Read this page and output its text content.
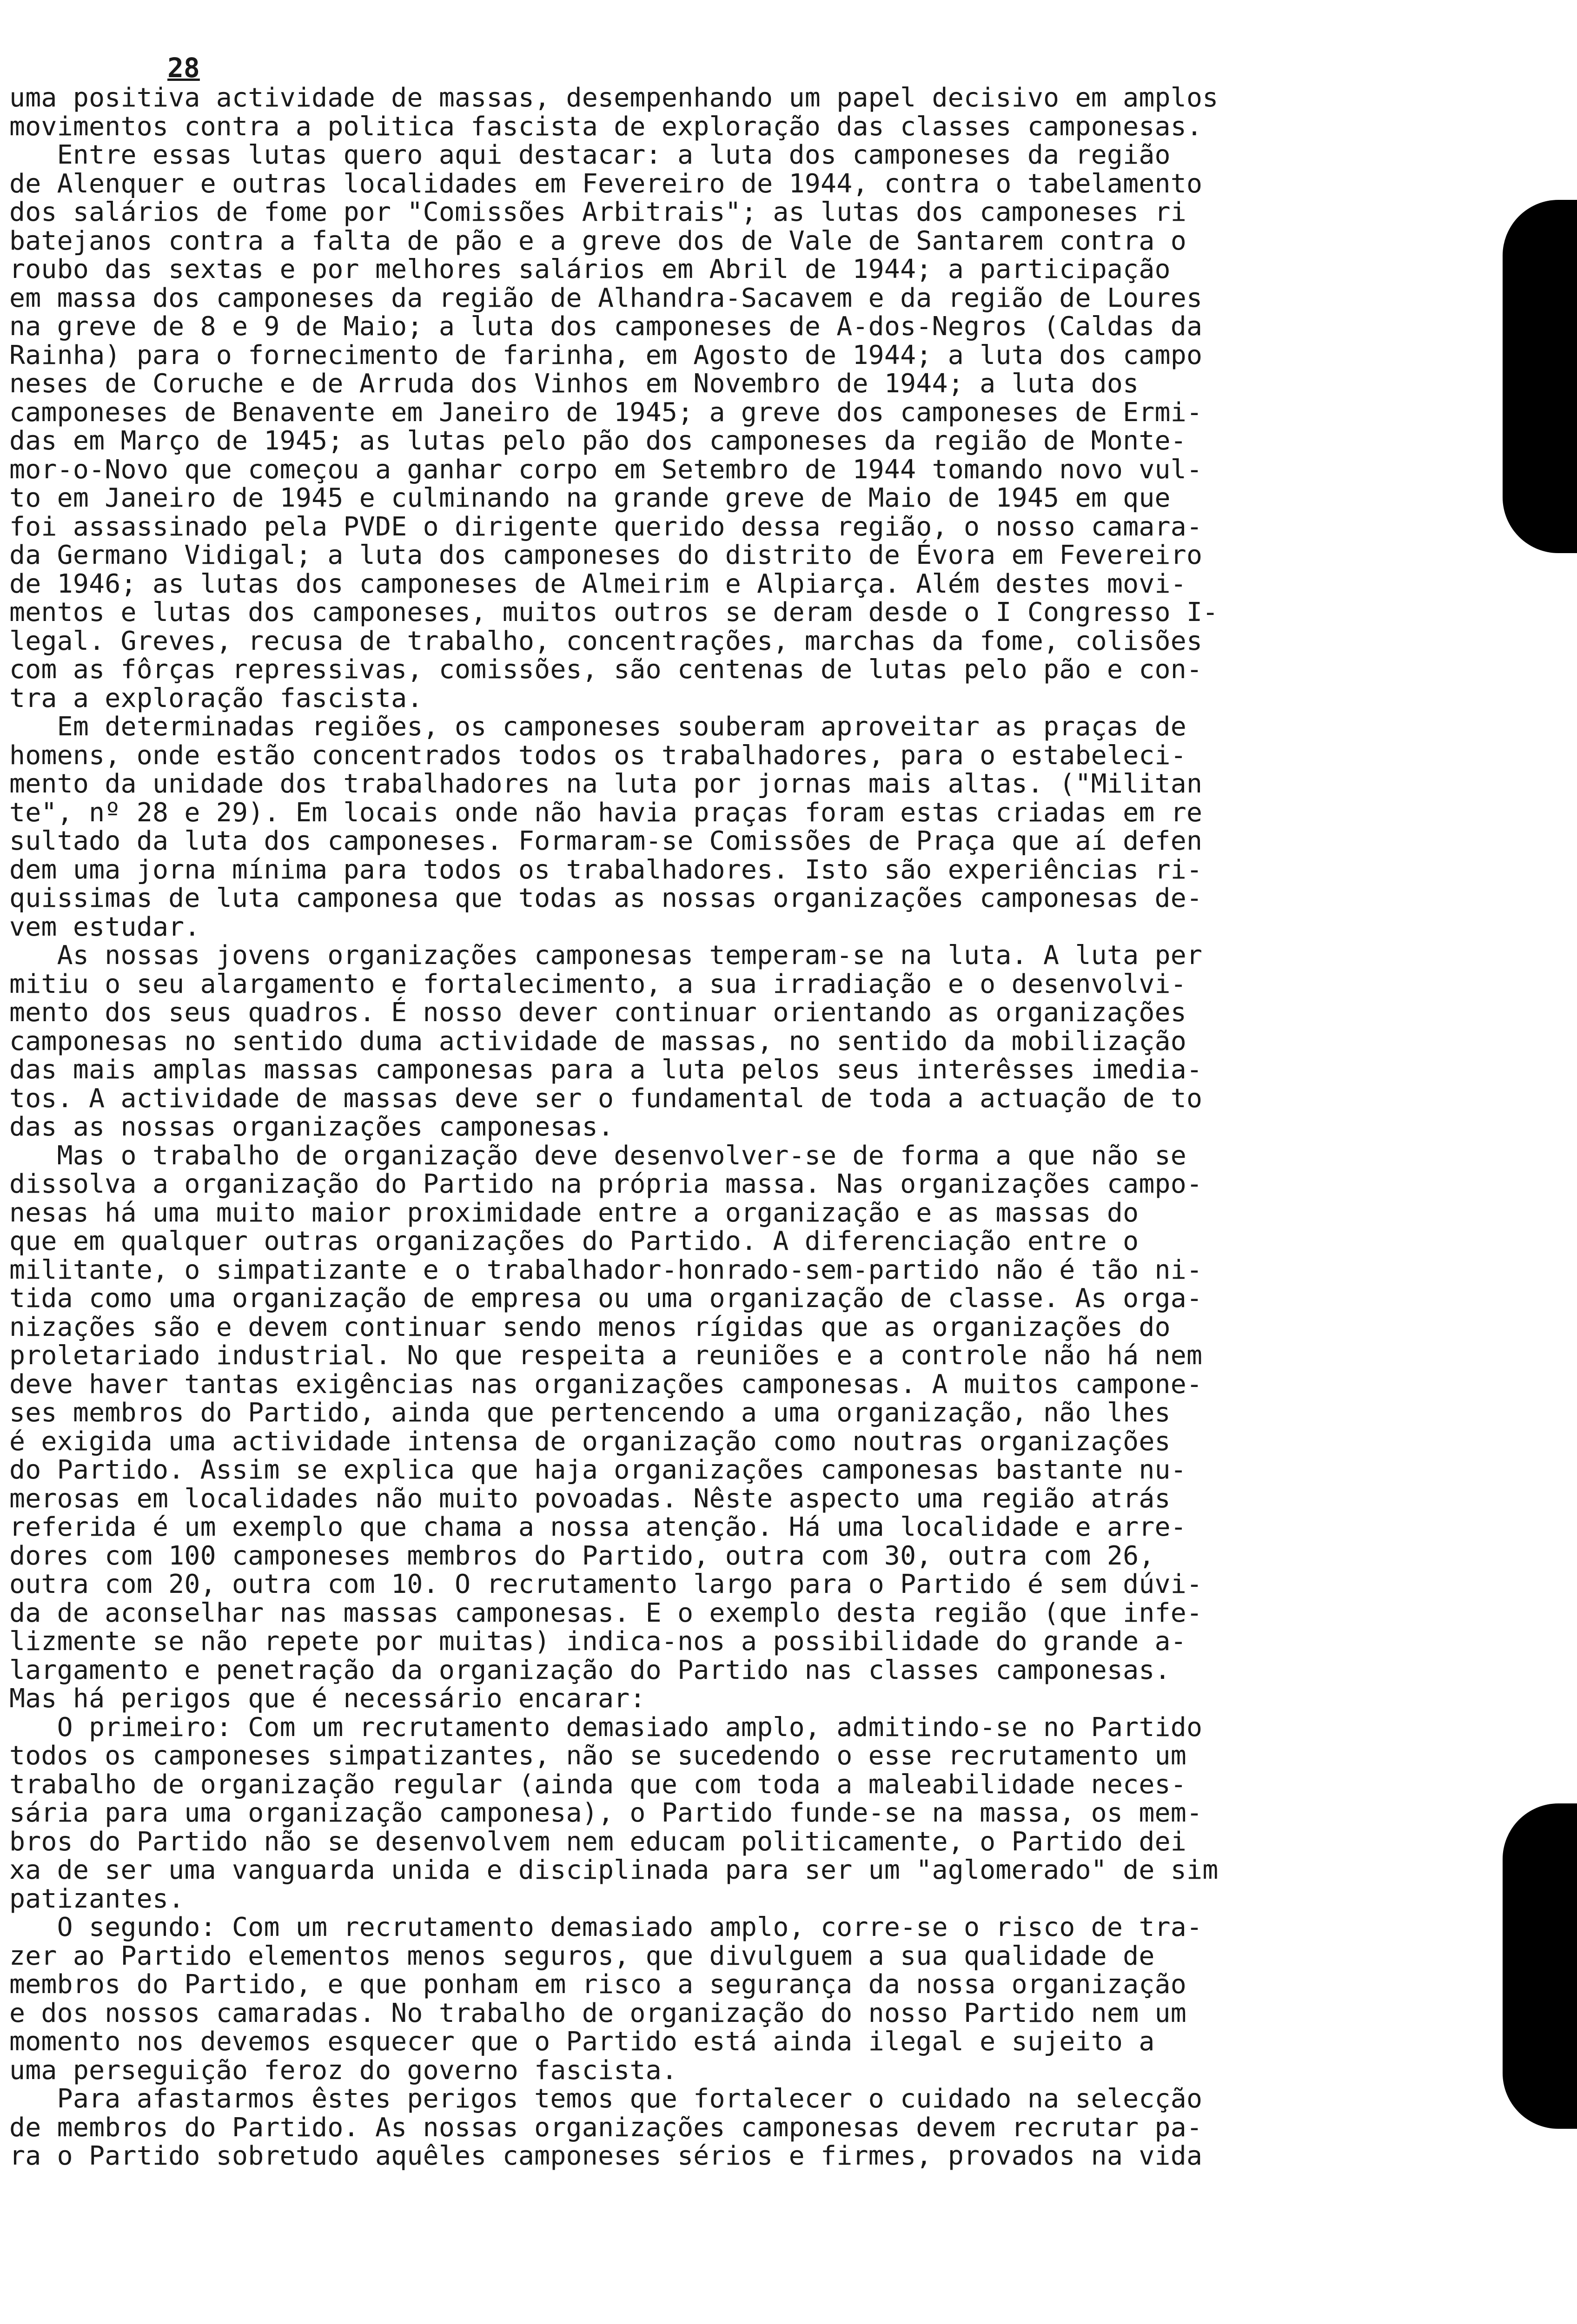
28
uma positiva actividade de massas, desempenhando um papel decisivo em amplos
movimentos contra a politica fascista de exploração das classes camponesas.
Entre essas lutas quero aqui destacar: a luta dos camponeses da região
de Alenquer e outras localidades em Fevereiro de 1944, contra o tabelamento
dos salários de fome por "Comissões Arbitrais"; as lutas dos camponeses ri
batejanos contra a falta de pão e a greve dos de Vale de Santarem contra o
roubo das sextas e por melhores salários em Abril de 1944; a participação
em massa dos camponeses da região de Alhandra-Sacavem e da região de Loures
na greve de 8 e 9 de Maio; a luta dos camponeses de A-dos-Negros (Caldas da
Rainha) para o fornecimento de farinha, em Agosto de 1944; a luta dos campo
neses de Coruche e de Arruda dos Vinhos em Novembro de 1944; a luta dos
camponeses de Benavente em Janeiro de 1945; a greve dos camponeses de Ermi-
das em Março de 1945; as lutas pelo pão dos camponeses da região de Monte-
mor-o-Novo que começou a ganhar corpo em Setembro de 1944 tomando novo vul-
to em Janeiro de 1945 e culminando na grande greve de Maio de 1945 em que
foi assassinado pela PVDE o dirigente querido dessa região, o nosso camara-
da Germano Vidigal; a luta dos camponeses do distrito de Évora em Fevereiro
de 1946; as lutas dos camponeses de Almeirim e Alpiarça. Além destes movi-
mentos e lutas dos camponeses, muitos outros se deram desde o I Congresso I-
legal. Greves, recusa de trabalho, concentrações, marchas da fome, colisões
com as fôrças repressivas, comissões, são centenas de lutas pelo pão e con-
tra a exploração fascista.
Em determinadas regiões, os camponeses souberam aproveitar as praças de
homens, onde estão concentrados todos os trabalhadores, para o estabeleci-
mento da unidade dos trabalhadores na luta por jornas mais altas. ("Militan
te", nº 28 e 29). Em locais onde não havia praças foram estas criadas em re
sultado da luta dos camponeses. Formaram-se Comissões de Praça que aí defen
dem uma jorna mínima para todos os trabalhadores. Isto são experiências ri-
quissimas de luta camponesa que todas as nossas organizações camponesas de-
vem estudar.
As nossas jovens organizações camponesas temperam-se na luta. A luta per
mitiu o seu alargamento e fortalecimento, a sua irradiação e o desenvolvi-
mento dos seus quadros. É nosso dever continuar orientando as organizações
camponesas no sentido duma actividade de massas, no sentido da mobilização
das mais amplas massas camponesas para a luta pelos seus interêsses imedia-
tos. A actividade de massas deve ser o fundamental de toda a actuação de to
das as nossas organizações camponesas.
Mas o trabalho de organização deve desenvolver-se de forma a que não se
dissolva a organização do Partido na própria massa. Nas organizações campo-
nesas há uma muito maior proximidade entre a organização e as massas do
que em qualquer outras organizações do Partido. A diferenciação entre o
militante, o simpatizante e o trabalhador-honrado-sem-partido não é tão ni-
tida como uma organização de empresa ou uma organização de classe. As orga-
nizações são e devem continuar sendo menos rígidas que as organizações do
proletariado industrial. No que respeita a reuniões e a controle não há nem
deve haver tantas exigências nas organizações camponesas. A muitos campone-
ses membros do Partido, ainda que pertencendo a uma organização, não lhes
é exigida uma actividade intensa de organização como noutras organizações
do Partido. Assim se explica que haja organizações camponesas bastante nu-
merosas em localidades não muito povoadas. Nêste aspecto uma região atrás
referida é um exemplo que chama a nossa atenção. Há uma localidade e arre-
dores com 100 camponeses membros do Partido, outra com 30, outra com 26,
outra com 20, outra com 10. O recrutamento largo para o Partido é sem dúvi-
da de aconselhar nas massas camponesas. E o exemplo desta região (que infe-
lizmente se não repete por muitas) indica-nos a possibilidade do grande a-
largamento e penetração da organização do Partido nas classes camponesas.
Mas há perigos que é necessário encarar:
O primeiro: Com um recrutamento demasiado amplo, admitindo-se no Partido
todos os camponeses simpatizantes, não se sucedendo o esse recrutamento um
trabalho de organização regular (ainda que com toda a maleabilidade neces-
sária para uma organização camponesa), o Partido funde-se na massa, os mem-
bros do Partido não se desenvolvem nem educam politicamente, o Partido dei
xa de ser uma vanguarda unida e disciplinada para ser um "aglomerado" de sim
patizantes.
O segundo: Com um recrutamento demasiado amplo, corre-se o risco de tra-
zer ao Partido elementos menos seguros, que divulguem a sua qualidade de
membros do Partido, e que ponham em risco a segurança da nossa organização
e dos nossos camaradas. No trabalho de organização do nosso Partido nem um
momento nos devemos esquecer que o Partido está ainda ilegal e sujeito a
uma perseguição feroz do governo fascista.
Para afastarmos êstes perigos temos que fortalecer o cuidado na selecção
de membros do Partido. As nossas organizações camponesas devem recrutar pa-
ra o Partido sobretudo aquêles camponeses sérios e firmes, provados na vida
